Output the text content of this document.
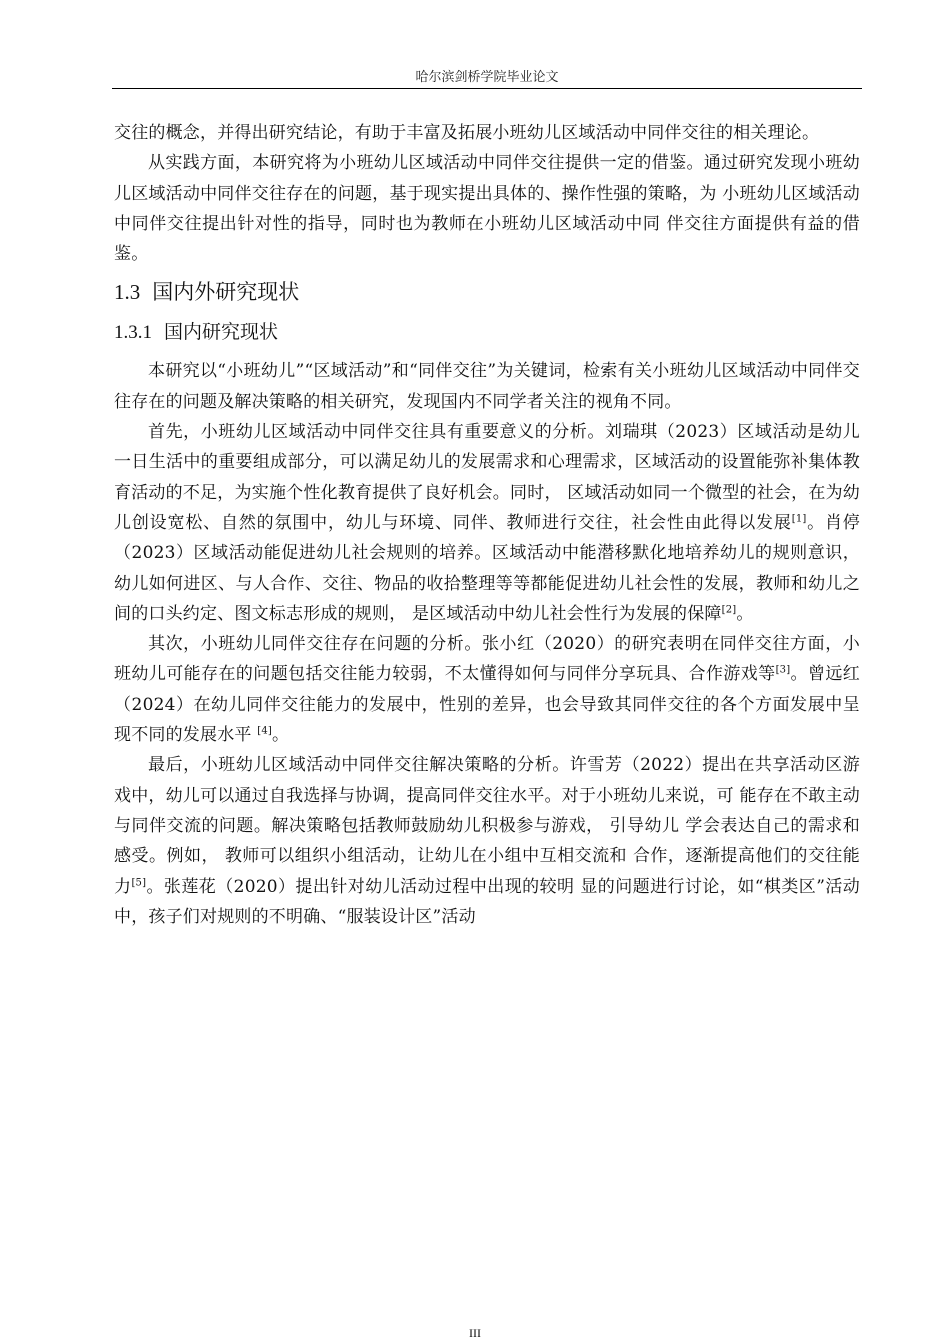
哈尔滨剑桥学院毕业论文

交往的概念，并得出研究结论，有助于丰富及拓展小班幼儿区域活动中同伴交往的相关理论。

从实践方面，本研究将为小班幼儿区域活动中同伴交往提供一定的借鉴。通过研究发现小班幼儿区域活动中同伴交往存在的问题，基于现实提出具体的、操作性强的策略，为 小班幼儿区域活动中同伴交往提出针对性的指导，同时也为教师在小班幼儿区域活动中同 伴交往方面提供有益的借鉴。

1.3 国内外研究现状
1.3.1 国内研究现状

本研究以“小班幼儿”“区域活动”和“同伴交往”为关键词，检索有关小班幼儿区域活动中同伴交往存在的问题及解决策略的相关研究，发现国内不同学者关注的视角不同。

首先，小班幼儿区域活动中同伴交往具有重要意义的分析。刘瑞琪（2023）区域活动是幼儿一日生活中的重要组成部分，可以满足幼儿的发展需求和心理需求，区域活动的设置能弥补集体教育活动的不足，为实施个性化教育提供了良好机会。同时， 区域活动如同一个微型的社会，在为幼儿创设宽松、自然的氛围中，幼儿与环境、同伴、教师进行交往，社会性由此得以发展[1]。肖停（2023）区域活动能促进幼儿社会规则的培养。区域活动中能潜移默化地培养幼儿的规则意识，幼儿如何进区、与人合作、交往、物品的收拾整理等等都能促进幼儿社会性的发展，教师和幼儿之间的口头约定、图文标志形成的规则， 是区域活动中幼儿社会性行为发展的保障[2]。

其次，小班幼儿同伴交往存在问题的分析。张小红（2020）的研究表明在同伴交往方面，小班幼儿可能存在的问题包括交往能力较弱，不太懂得如何与同伴分享玩具、合作游戏等[3]。曾远红（2024）在幼儿同伴交往能力的发展中，性别的差异，也会导致其同伴交往的各个方面发展中呈现不同的发展水平 [4]。

最后，小班幼儿区域活动中同伴交往解决策略的分析。许雪芳（2022）提出在共享活动区游戏中，幼儿可以通过自我选择与协调，提高同伴交往水平。对于小班幼儿来说，可 能存在不敢主动与同伴交流的问题。解决策略包括教师鼓励幼儿积极参与游戏， 引导幼儿 学会表达自己的需求和感受。例如， 教师可以组织小组活动，让幼儿在小组中互相交流和 合作，逐渐提高他们的交往能力[5]。张莲花（2020）提出针对幼儿活动过程中出现的较明 显的问题进行讨论，如“棋类区”活动中，孩子们对规则的不明确、“服装设计区”活动

III
